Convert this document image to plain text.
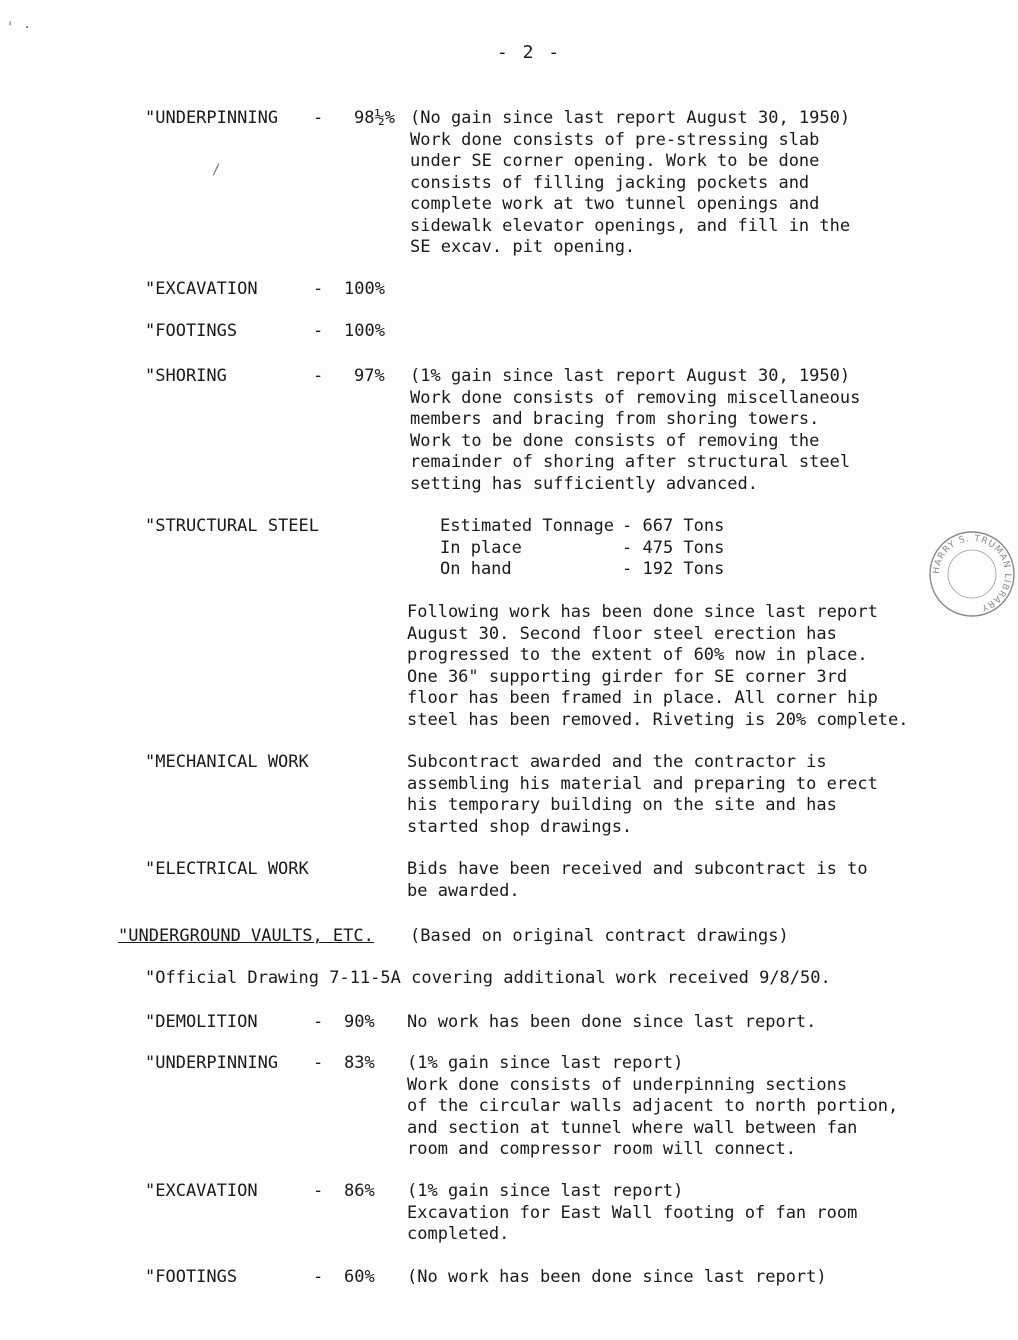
- 2 -
' ·
/
"UNDERPINNING - 98½% (No gain since last report August 30, 1950)
Work done consists of pre-stressing slab
under SE corner opening. Work to be done
consists of filling jacking pockets and
complete work at two tunnel openings and
sidewalk elevator openings, and fill in the
SE excav. pit opening.
"EXCAVATION	- 100%
"FOOTINGS	- 100%
"SHORING	- 97% (1% gain since last report August 30, 1950)
Work done consists of removing miscellaneous
members and bracing from shoring towers.
Work to be done consists of removing the
remainder of shoring after structural steel
setting has sufficiently advanced.
"STRUCTURAL STEEL	Estimated Tonnage - 667 Tons
In place	- 475 Tons
On hand	- 192 Tons
Following work has been done since last report
August 30. Second floor steel erection has
progressed to the extent of 60% now in place.
One 36" supporting girder for SE corner 3rd
floor has been framed in place. All corner hip
steel has been removed. Riveting is 20% complete.
HARRY S. TRUMAN LIBRARY
"MECHANICAL WORK	Subcontract awarded and the contractor is
assembling his material and preparing to erect
his temporary building on the site and has
started shop drawings.
"ELECTRICAL WORK	Bids have been received and subcontract is to
be awarded.
"UNDERGROUND VAULTS, ETC. (Based on original contract drawings)
"Official Drawing 7-11-5A covering additional work received 9/8/50.
"DEMOLITION	- 90% No work has been done since last report.
"UNDERPINNING - 83% (1% gain since last report)
Work done consists of underpinning sections
of the circular walls adjacent to north portion,
and section at tunnel where wall between fan
room and compressor room will connect.
"EXCAVATION	- 86% (1% gain since last report)
Excavation for East Wall footing of fan room
completed.
"FOOTINGS	- 60% (No work has been done since last report)
